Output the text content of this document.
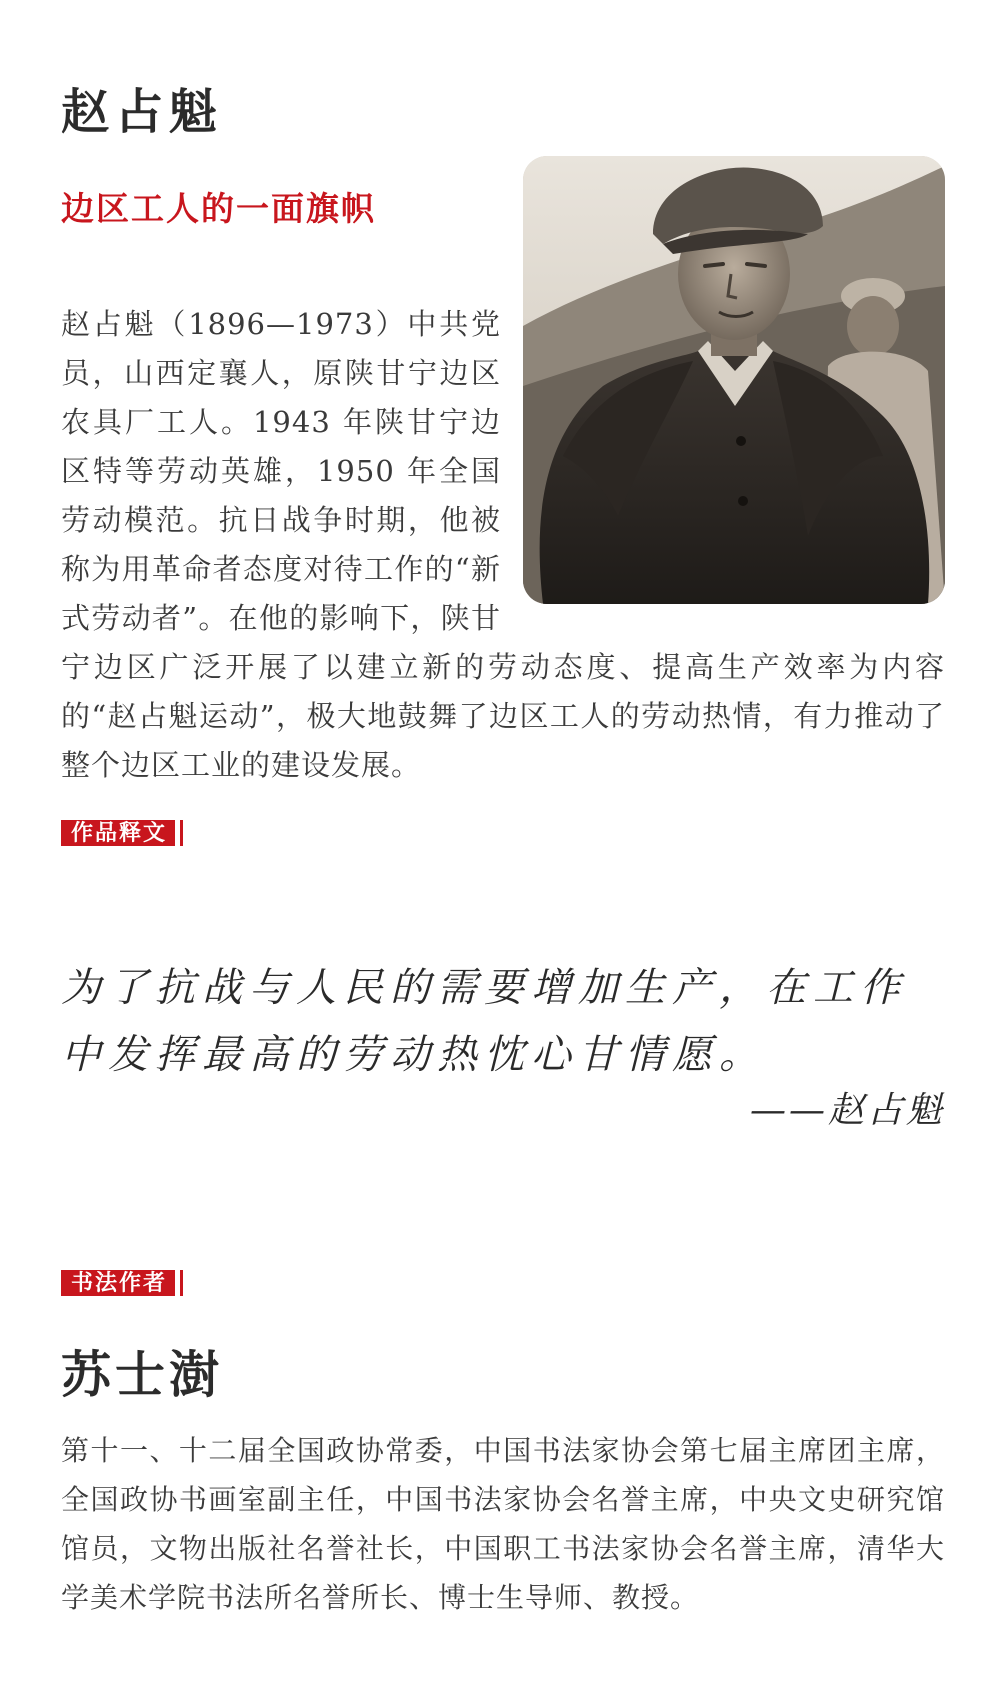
赵占魁
边区工人的一面旗帜

赵占魁（1896—1973）中共党员，山西定襄人，原陕甘宁边区农具厂工人。1943 年陕甘宁边区特等劳动英雄，1950 年全国劳动模范。抗日战争时期，他被称为用革命者态度对待工作的“新式劳动者”。在他的影响下，陕甘宁边区广泛开展了以建立新的劳动态度、提高生产效率为内容的“赵占魁运动”，极大地鼓舞了边区工人的劳动热情，有力推动了整个边区工业的建设发展。

作品释文

为了抗战与人民的需要增加生产，在工作中发挥最高的劳动热忱心甘情愿。

——赵占魁

书法作者
苏士澍

第十一、十二届全国政协常委，中国书法家协会第七届主席团主席，全国政协书画室副主任，中国书法家协会名誉主席，中央文史研究馆馆员，文物出版社名誉社长，中国职工书法家协会名誉主席，清华大学美术学院书法所名誉所长、博士生导师、教授。
